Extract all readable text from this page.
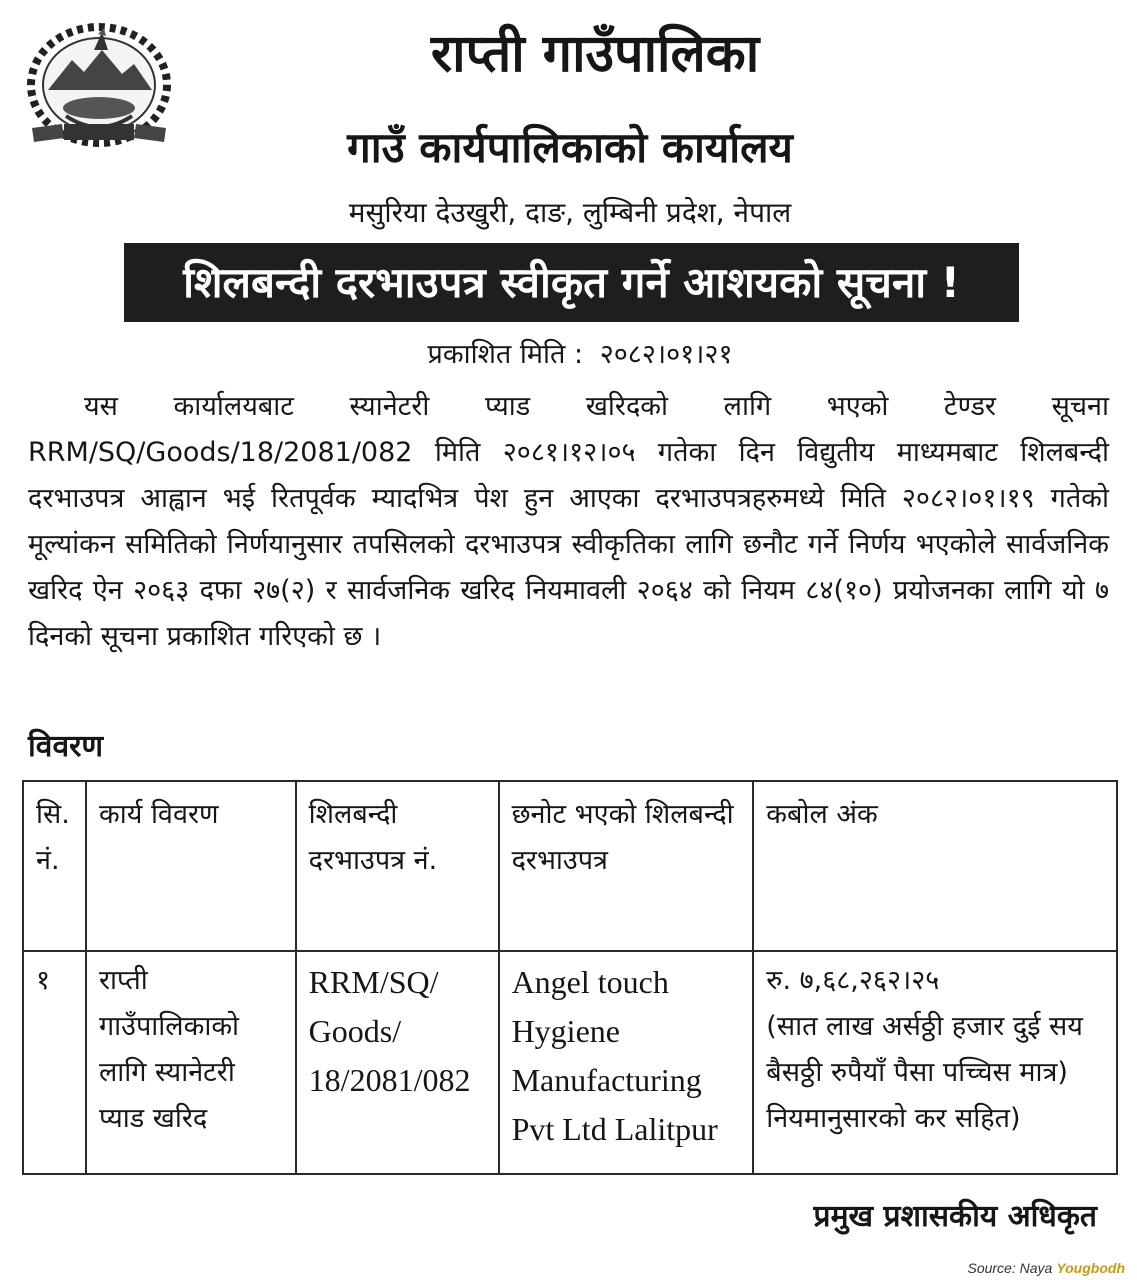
राप्ती गाउँपालिका
गाउँ कार्यपालिकाको कार्यालय
मसुरिया देउखुरी, दाङ, लुम्बिनी प्रदेश, नेपाल
शिलबन्दी दरभाउपत्र स्वीकृत गर्ने आशयको सूचना !
प्रकाशित मिति : २०८२।०१।२१

यस कार्यालयबाट स्यानेटरी प्याड खरिदको लागि भएको टेण्डर सूचना RRM/SQ/Goods/18/2081/082 मिति २०८१।१२।०५ गतेका दिन विद्युतीय माध्यमबाट शिलबन्दी दरभाउपत्र आह्वान भई रितपूर्वक म्यादभित्र पेश हुन आएका दरभाउपत्रहरुमध्ये मिति २०८२।०१।१९ गतेको मूल्यांकन समितिको निर्णयानुसार तपसिलको दरभाउपत्र स्वीकृतिका लागि छनौट गर्ने निर्णय भएकोले सार्वजनिक खरिद ऐन २०६३ दफा २७(२) र सार्वजनिक खरिद नियमावली २०६४ को नियम ८४(१०) प्रयोजनका लागि यो ७ दिनको सूचना प्रकाशित गरिएको छ ।

विवरण
सि. नं.	कार्य विवरण	शिलबन्दी दरभाउपत्र नं.	छनोट भएको शिलबन्दी दरभाउपत्र	कबोल अंक
१	राप्ती गाउँपालिकाको लागि स्यानेटरी प्याड खरिद	RRM/SQ/ Goods/ 18/2081/082	Angel touch Hygiene Manufacturing Pvt Ltd Lalitpur	रु. ७,६८,२६२।२५
(सात लाख अर्सठ्ठी हजार दुई सय बैसठ्ठी रुपैयाँ पैसा पच्चिस मात्र) नियमानुसारको कर सहित)
प्रमुख प्रशासकीय अधिकृत
Source: Naya Yougbodh
